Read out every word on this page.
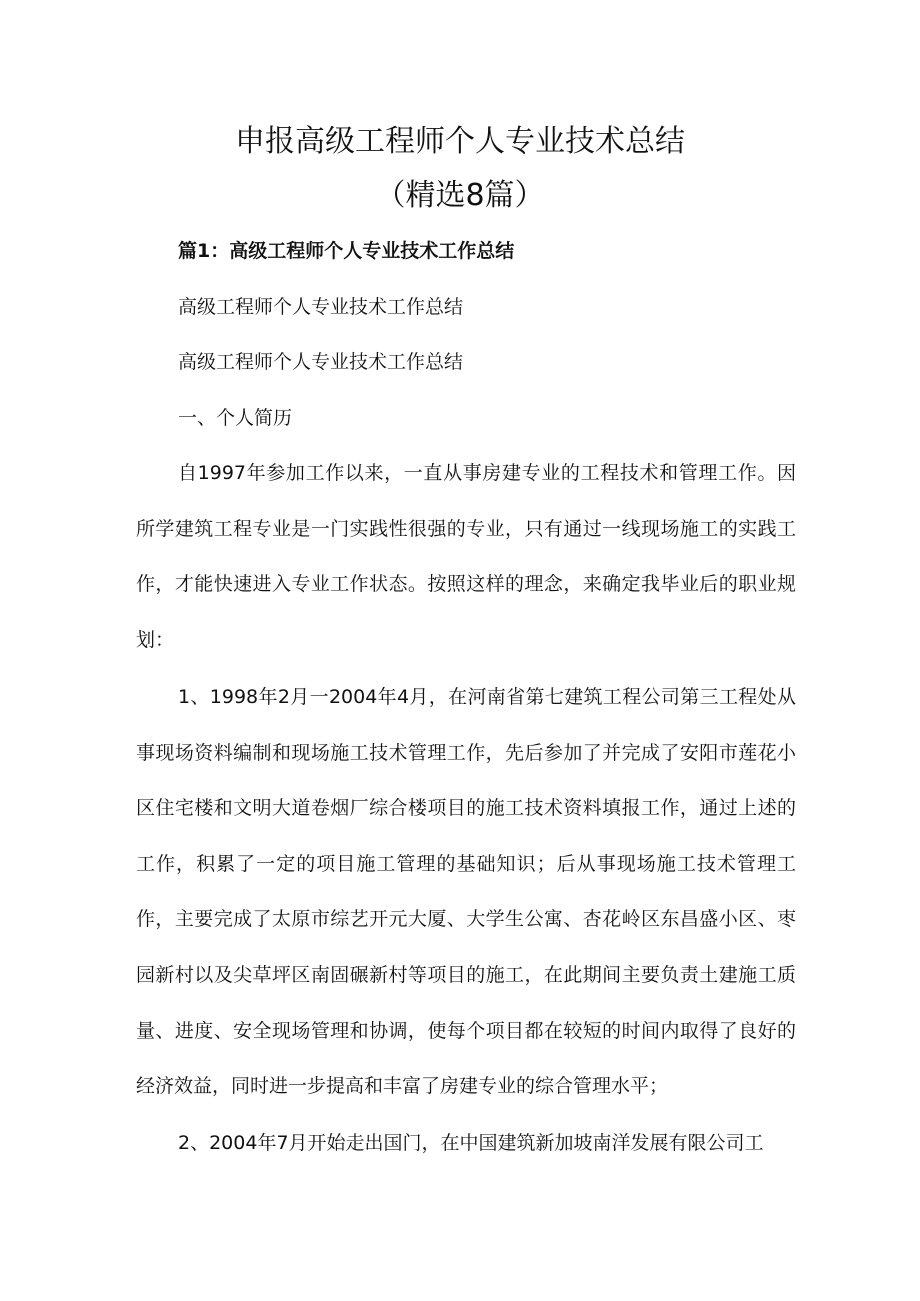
申报高级工程师个人专业技术总结
（精选8篇）
篇1：高级工程师个人专业技术工作总结
高级工程师个人专业技术工作总结
高级工程师个人专业技术工作总结
一、个人简历

自1997年参加工作以来，一直从事房建专业的工程技术和管理工作。因所学建筑工程专业是一门实践性很强的专业，只有通过一线现场施工的实践工作，才能快速进入专业工作状态。按照这样的理念，来确定我毕业后的职业规划：

1、1998年2月一2004年4月，在河南省第七建筑工程公司第三工程处从事现场资料编制和现场施工技术管理工作，先后参加了并完成了安阳市莲花小区住宅楼和文明大道卷烟厂综合楼项目的施工技术资料填报工作，通过上述的工作，积累了一定的项目施工管理的基础知识；后从事现场施工技术管理工作，主要完成了太原市综艺开元大厦、大学生公寓、杏花岭区东昌盛小区、枣园新村以及尖草坪区南固碾新村等项目的施工，在此期间主要负责土建施工质量、进度、安全现场管理和协调，使每个项目都在较短的时间内取得了良好的经济效益，同时进一步提高和丰富了房建专业的综合管理水平；

2、2004年7月开始走出国门，在中国建筑新加坡南洋发展有限公司工
